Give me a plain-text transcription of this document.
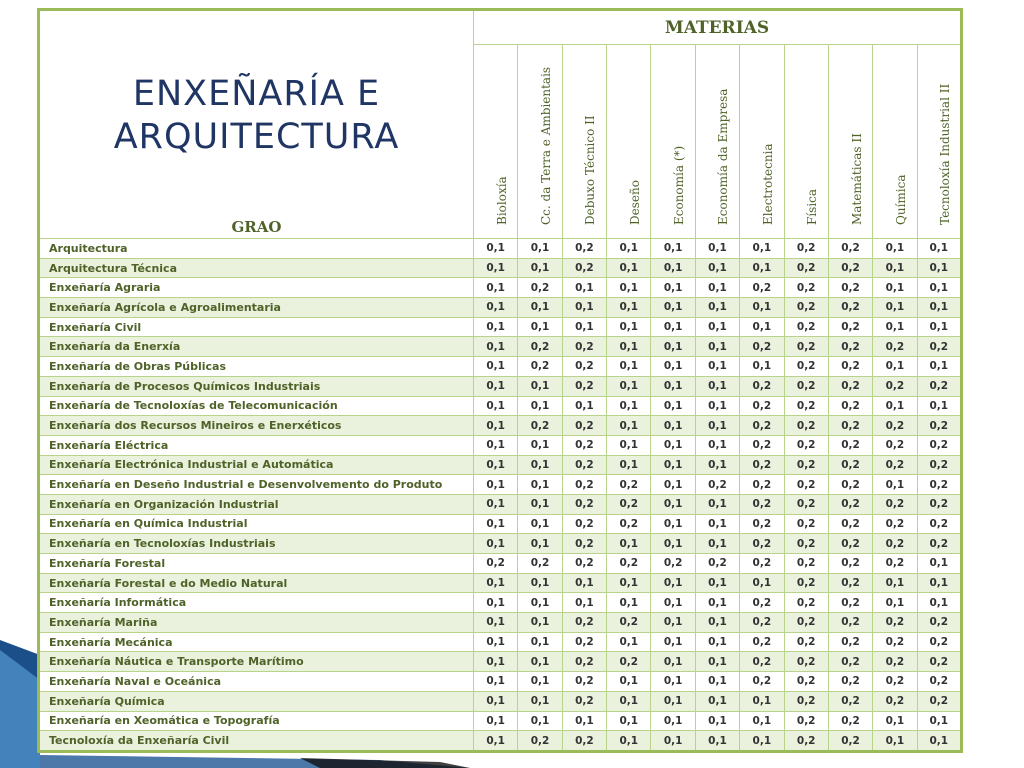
ENXEÑARÍA E
ARQUITECTURA
GRAO	MATERIAS										

	Bioloxía	Cc. da Terra e Ambientais	Debuxo Técnico II	Deseño	Economía (*)	Economía da Empresa	Electrotecnia	Física	Matemáticas II	Química	Tecnoloxía Industrial II

Arquitectura	0,1	0,1	0,2	0,1	0,1	0,1	0,1	0,2	0,2	0,1	0,1
Arquitectura Técnica	0,1	0,1	0,2	0,1	0,1	0,1	0,1	0,2	0,2	0,1	0,1
Enxeñaría Agraria	0,1	0,2	0,1	0,1	0,1	0,1	0,2	0,2	0,2	0,1	0,1
Enxeñaría Agrícola e Agroalimentaria	0,1	0,1	0,1	0,1	0,1	0,1	0,1	0,2	0,2	0,1	0,1
Enxeñaría Civil	0,1	0,1	0,1	0,1	0,1	0,1	0,1	0,2	0,2	0,1	0,1
Enxeñaría da Enerxía	0,1	0,2	0,2	0,1	0,1	0,1	0,2	0,2	0,2	0,2	0,2
Enxeñaría de Obras Públicas	0,1	0,2	0,2	0,1	0,1	0,1	0,1	0,2	0,2	0,1	0,1
Enxeñaría de Procesos Químicos Industriais	0,1	0,1	0,2	0,1	0,1	0,1	0,2	0,2	0,2	0,2	0,2
Enxeñaría de Tecnoloxías de Telecomunicación	0,1	0,1	0,1	0,1	0,1	0,1	0,2	0,2	0,2	0,1	0,1
Enxeñaría dos Recursos Mineiros e Enerxéticos	0,1	0,2	0,2	0,1	0,1	0,1	0,2	0,2	0,2	0,2	0,2
Enxeñaría Eléctrica	0,1	0,1	0,2	0,1	0,1	0,1	0,2	0,2	0,2	0,2	0,2
Enxeñaría Electrónica Industrial e Automática	0,1	0,1	0,2	0,1	0,1	0,1	0,2	0,2	0,2	0,2	0,2
Enxeñaría en Deseño Industrial e Desenvolvemento do Produto	0,1	0,1	0,2	0,2	0,1	0,2	0,2	0,2	0,2	0,1	0,2
Enxeñaría en Organización Industrial	0,1	0,1	0,2	0,2	0,1	0,1	0,2	0,2	0,2	0,2	0,2
Enxeñaría en Química Industrial	0,1	0,1	0,2	0,2	0,1	0,1	0,2	0,2	0,2	0,2	0,2
Enxeñaría en Tecnoloxías Industriais	0,1	0,1	0,2	0,1	0,1	0,1	0,2	0,2	0,2	0,2	0,2
Enxeñaría Forestal	0,2	0,2	0,2	0,2	0,2	0,2	0,2	0,2	0,2	0,2	0,1
Enxeñaría Forestal e do Medio Natural	0,1	0,1	0,1	0,1	0,1	0,1	0,1	0,2	0,2	0,1	0,1
Enxeñaría Informática	0,1	0,1	0,1	0,1	0,1	0,1	0,2	0,2	0,2	0,1	0,1
Enxeñaría Mariña	0,1	0,1	0,2	0,2	0,1	0,1	0,2	0,2	0,2	0,2	0,2
Enxeñaría Mecánica	0,1	0,1	0,2	0,1	0,1	0,1	0,2	0,2	0,2	0,2	0,2
Enxeñaría Náutica e Transporte Marítimo	0,1	0,1	0,2	0,2	0,1	0,1	0,2	0,2	0,2	0,2	0,2
Enxeñaría Naval e Oceánica	0,1	0,1	0,2	0,1	0,1	0,1	0,2	0,2	0,2	0,2	0,2
Enxeñaría Química	0,1	0,1	0,2	0,1	0,1	0,1	0,1	0,2	0,2	0,2	0,2
Enxeñaría en Xeomática e Topografía	0,1	0,1	0,1	0,1	0,1	0,1	0,1	0,2	0,2	0,1	0,1
Tecnoloxía da Enxeñaría Civil	0,1	0,2	0,2	0,1	0,1	0,1	0,1	0,2	0,2	0,1	0,1
